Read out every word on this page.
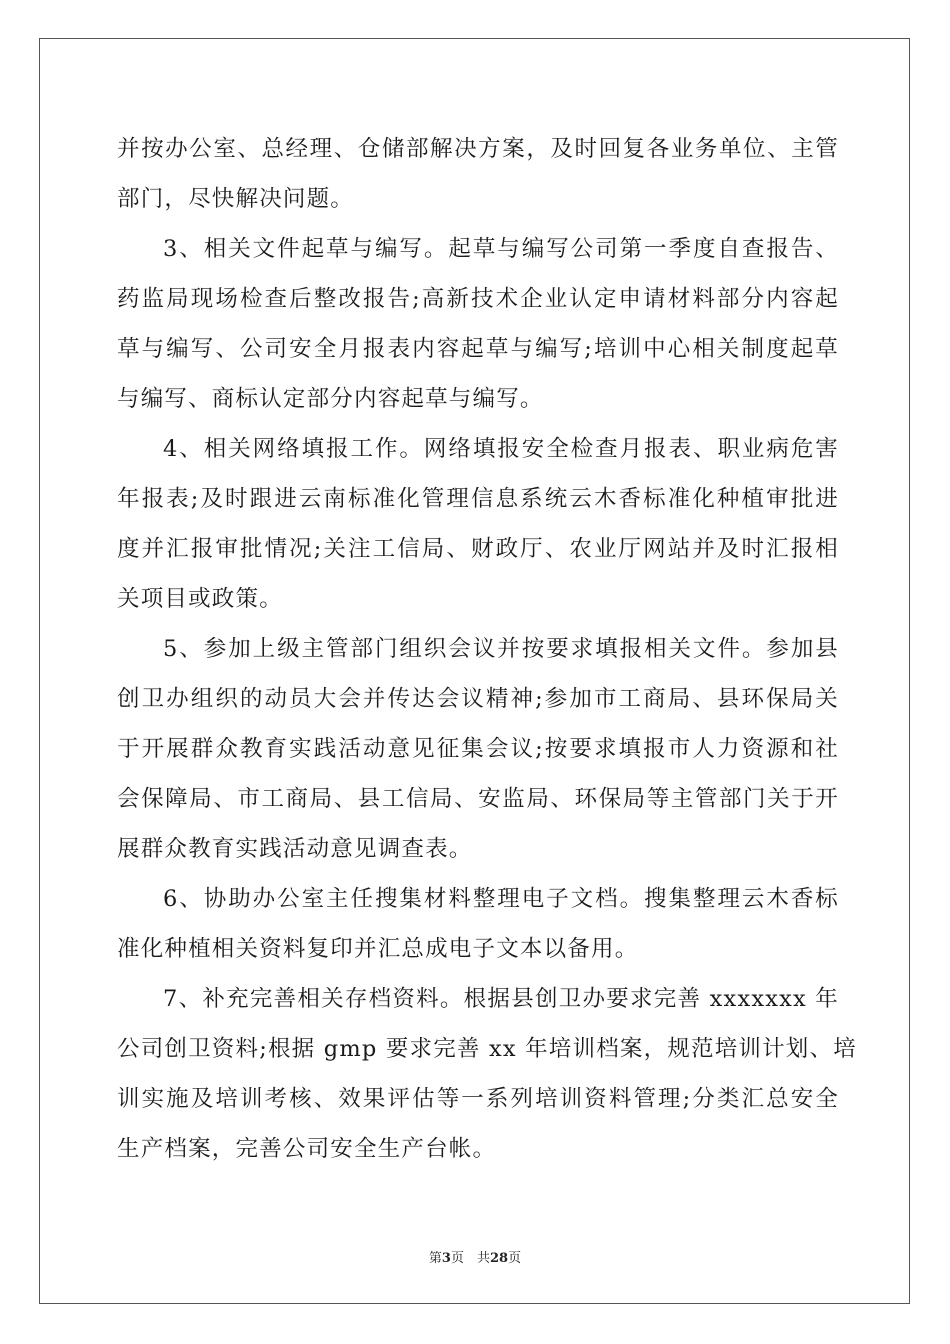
并按办公室、总经理、仓储部解决方案，及时回复各业务单位、主管
部门，尽快解决问题。
3、相关文件起草与编写。起草与编写公司第一季度自查报告、
药监局现场检查后整改报告;高新技术企业认定申请材料部分内容起
草与编写、公司安全月报表内容起草与编写;培训中心相关制度起草
与编写、商标认定部分内容起草与编写。
4、相关网络填报工作。网络填报安全检查月报表、职业病危害
年报表;及时跟进云南标准化管理信息系统云木香标准化种植审批进
度并汇报审批情况;关注工信局、财政厅、农业厅网站并及时汇报相
关项目或政策。
5、参加上级主管部门组织会议并按要求填报相关文件。参加县
创卫办组织的动员大会并传达会议精神;参加市工商局、县环保局关
于开展群众教育实践活动意见征集会议;按要求填报市人力资源和社
会保障局、市工商局、县工信局、安监局、环保局等主管部门关于开
展群众教育实践活动意见调查表。
6、协助办公室主任搜集材料整理电子文档。搜集整理云木香标
准化种植相关资料复印并汇总成电子文本以备用。
7、补充完善相关存档资料。根据县创卫办要求完善 xxxxxxx 年
公司创卫资料;根据 gmp 要求完善 xx 年培训档案，规范培训计划、培
训实施及培训考核、效果评估等一系列培训资料管理;分类汇总安全
生产档案，完善公司安全生产台帐。
第3页　共28页
